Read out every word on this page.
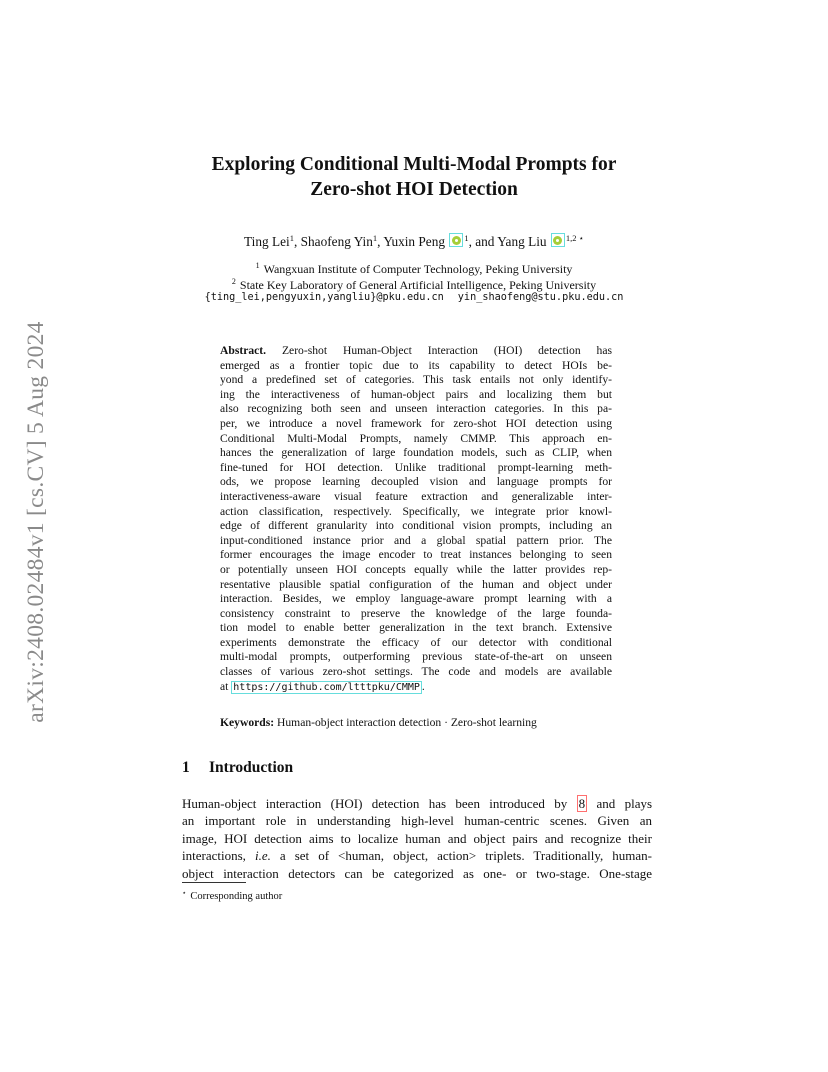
arXiv:2408.02484v1 [cs.CV] 5 Aug 2024
Exploring Conditional Multi-Modal Prompts for
Zero-shot HOI Detection
Ting Lei$^1$, Shaofeng Yin$^1$, Yuxin Peng $^1$, and Yang Liu $^{1,2 ⋆}$
$^1$ Wangxuan Institute of Computer Technology, Peking University
$^2$ State Key Laboratory of General Artificial Intelligence, Peking University
{ting_lei,pengyuxin,yangliu}@pku.edu.cn yin_shaofeng@stu.pku.edu.cn
Abstract. Zero-shot Human-Object Interaction (HOI) detection has
emerged as a frontier topic due to its capability to detect HOIs be-
yond a predefined set of categories. This task entails not only identify-
ing the interactiveness of human-object pairs and localizing them but
also recognizing both seen and unseen interaction categories. In this pa-
per, we introduce a novel framework for zero-shot HOI detection using
Conditional Multi-Modal Prompts, namely CMMP. This approach en-
hances the generalization of large foundation models, such as CLIP, when
fine-tuned for HOI detection. Unlike traditional prompt-learning meth-
ods, we propose learning decoupled vision and language prompts for
interactiveness-aware visual feature extraction and generalizable inter-
action classification, respectively. Specifically, we integrate prior knowl-
edge of different granularity into conditional vision prompts, including an
input-conditioned instance prior and a global spatial pattern prior. The
former encourages the image encoder to treat instances belonging to seen
or potentially unseen HOI concepts equally while the latter provides rep-
resentative plausible spatial configuration of the human and object under
interaction. Besides, we employ language-aware prompt learning with a
consistency constraint to preserve the knowledge of the large founda-
tion model to enable better generalization in the text branch. Extensive
experiments demonstrate the efficacy of our detector with conditional
multi-modal prompts, outperforming previous state-of-the-art on unseen
classes of various zero-shot settings. The code and models are available
at https://github.com/ltttpku/CMMP .
Keywords: Human-object interaction detection · Zero-shot learning
1 Introduction
Human-object interaction (HOI) detection has been introduced by 8 and plays
an important role in understanding high-level human-centric scenes. Given an
image, HOI detection aims to localize human and object pairs and recognize their
interactions, i.e. a set of <human, object, action> triplets. Traditionally, human-
object interaction detectors can be categorized as one- or two-stage. One-stage
⋆ Corresponding author
